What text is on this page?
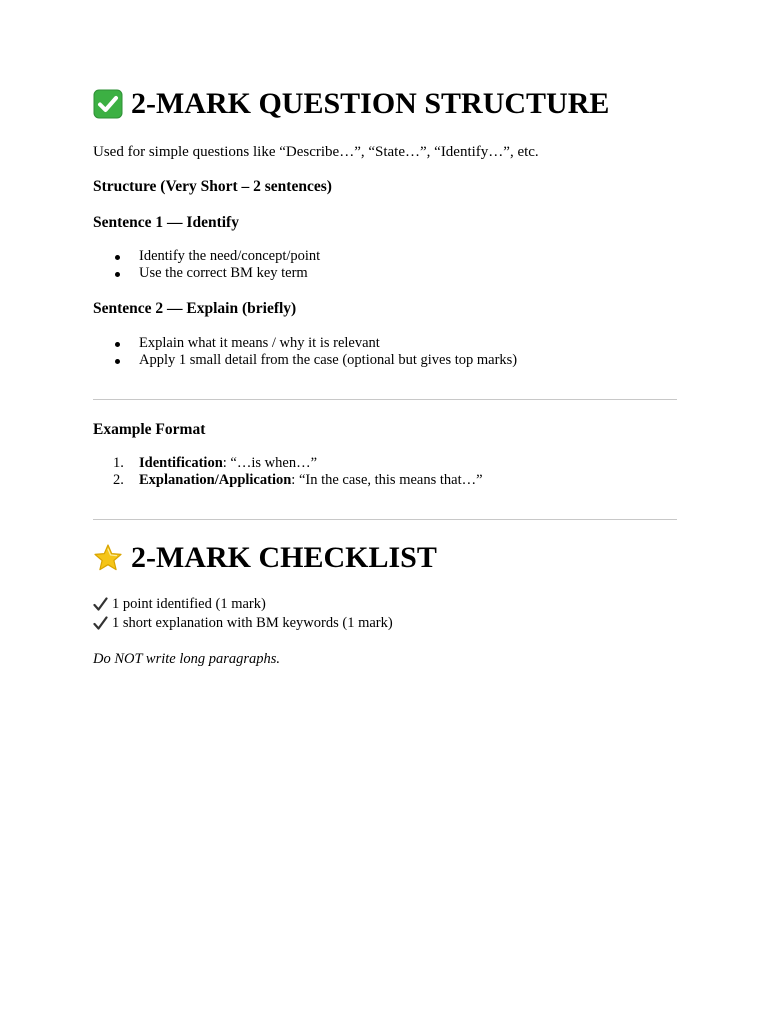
2-MARK QUESTION STRUCTURE
Used for simple questions like “Describe…”, “State…”, “Identify…”, etc.
Structure (Very Short – 2 sentences)
Sentence 1 — Identify
Identify the need/concept/point
Use the correct BM key term
Sentence 2 — Explain (briefly)
Explain what it means / why it is relevant
Apply 1 small detail from the case (optional but gives top marks)
Example Format
1. Identification: “…is when…”
2. Explanation/Application: “In the case, this means that…”
2-MARK CHECKLIST
1 point identified (1 mark)
1 short explanation with BM keywords (1 mark)
Do NOT write long paragraphs.
